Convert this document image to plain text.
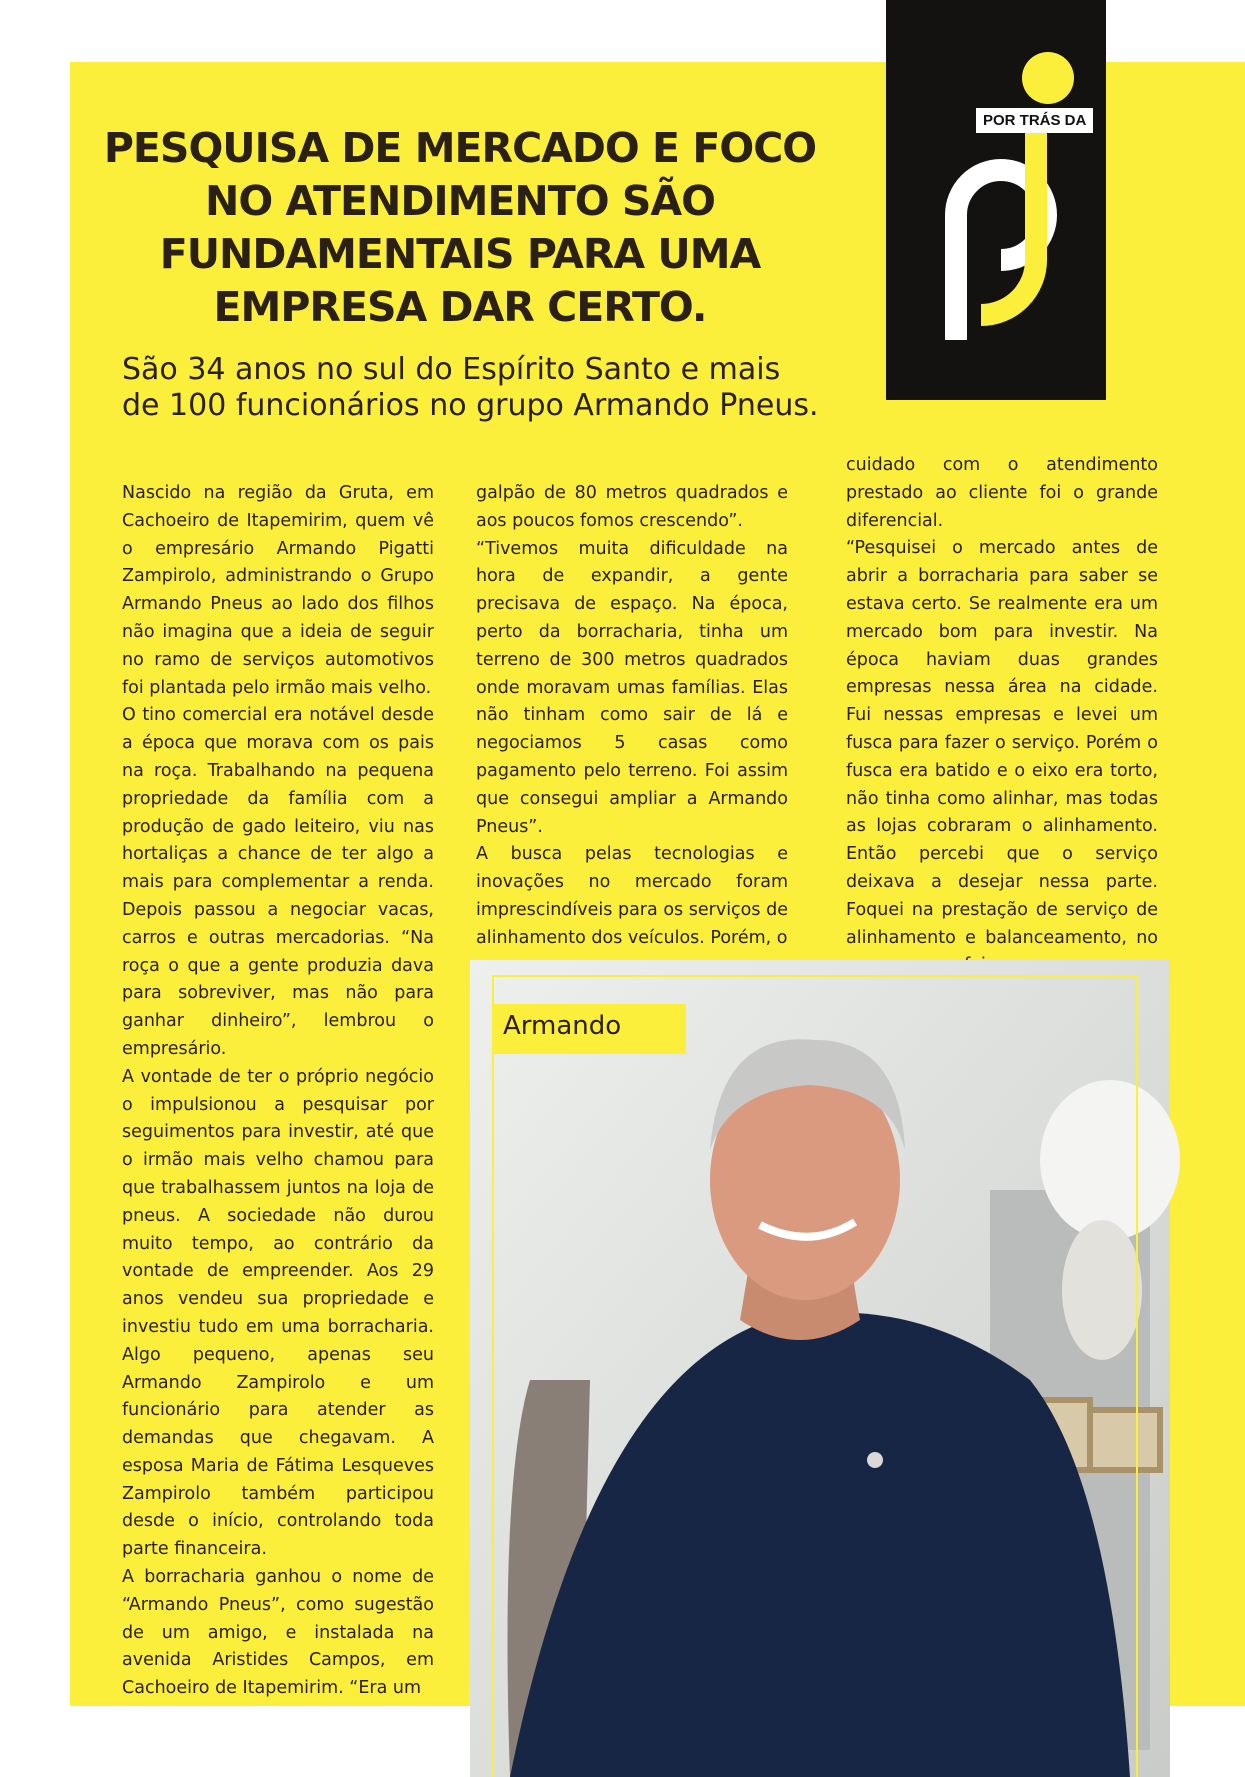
POR TRÁS DA
PESQUISA DE MERCADO E FOCO NO ATENDIMENTO SÃO FUNDAMENTAIS PARA UMA EMPRESA DAR CERTO.

São 34 anos no sul do Espírito Santo e mais de 100 funcionários no grupo Armando Pneus.

Nascido na região da Gruta, em Cachoeiro de Itapemirim, quem vê o empresário Armando Pigatti Zampirolo, administrando o Grupo Armando Pneus ao lado dos filhos não imagina que a ideia de seguir no ramo de serviços automotivos foi plantada pelo irmão mais velho.
O tino comercial era notável desde a época que morava com os pais na roça. Trabalhando na pequena propriedade da família com a produção de gado leiteiro, viu nas hortaliças a chance de ter algo a mais para complementar a renda. Depois passou a negociar vacas, carros e outras mercadorias. “Na roça o que a gente produzia dava para sobreviver, mas não para ganhar dinheiro”, lembrou o empresário.
A vontade de ter o próprio negócio o impulsionou a pesquisar por seguimentos para investir, até que o irmão mais velho chamou para que trabalhassem juntos na loja de pneus. A sociedade não durou muito tempo, ao contrário da vontade de empreender. Aos 29 anos vendeu sua propriedade e investiu tudo em uma borracharia. Algo pequeno, apenas seu Armando Zampirolo e um funcionário para atender as demandas que chegavam. A esposa Maria de Fátima Lesqueves Zampirolo também participou desde o início, controlando toda parte financeira.
A borracharia ganhou o nome de “Armando Pneus”, como sugestão de um amigo, e instalada na avenida Aristides Campos, em Cachoeiro de Itapemirim. “Era um

galpão de 80 metros quadrados e aos poucos fomos crescendo”.
“Tivemos muita dificuldade na hora de expandir, a gente precisava de espaço. Na época, perto da borracharia, tinha um terreno de 300 metros quadrados onde moravam umas famílias. Elas não tinham como sair de lá e negociamos 5 casas como pagamento pelo terreno. Foi assim que consegui ampliar a Armando Pneus”.
A busca pelas tecnologias e inovações no mercado foram imprescindíveis para os serviços de alinhamento dos veículos. Porém, o

cuidado com o atendimento prestado ao cliente foi o grande diferencial.
“Pesquisei o mercado antes de abrir a borracharia para saber se estava certo. Se realmente era um mercado bom para investir. Na época haviam duas grandes empresas nessa área na cidade. Fui nessas empresas e levei um fusca para fazer o serviço. Porém o fusca era batido e o eixo era torto, não tinha como alinhar, mas todas as lojas cobraram o alinhamento. Então percebi que o serviço deixava a desejar nessa parte. Foquei na prestação de serviço de alinhamento e balanceamento, no

Armando
